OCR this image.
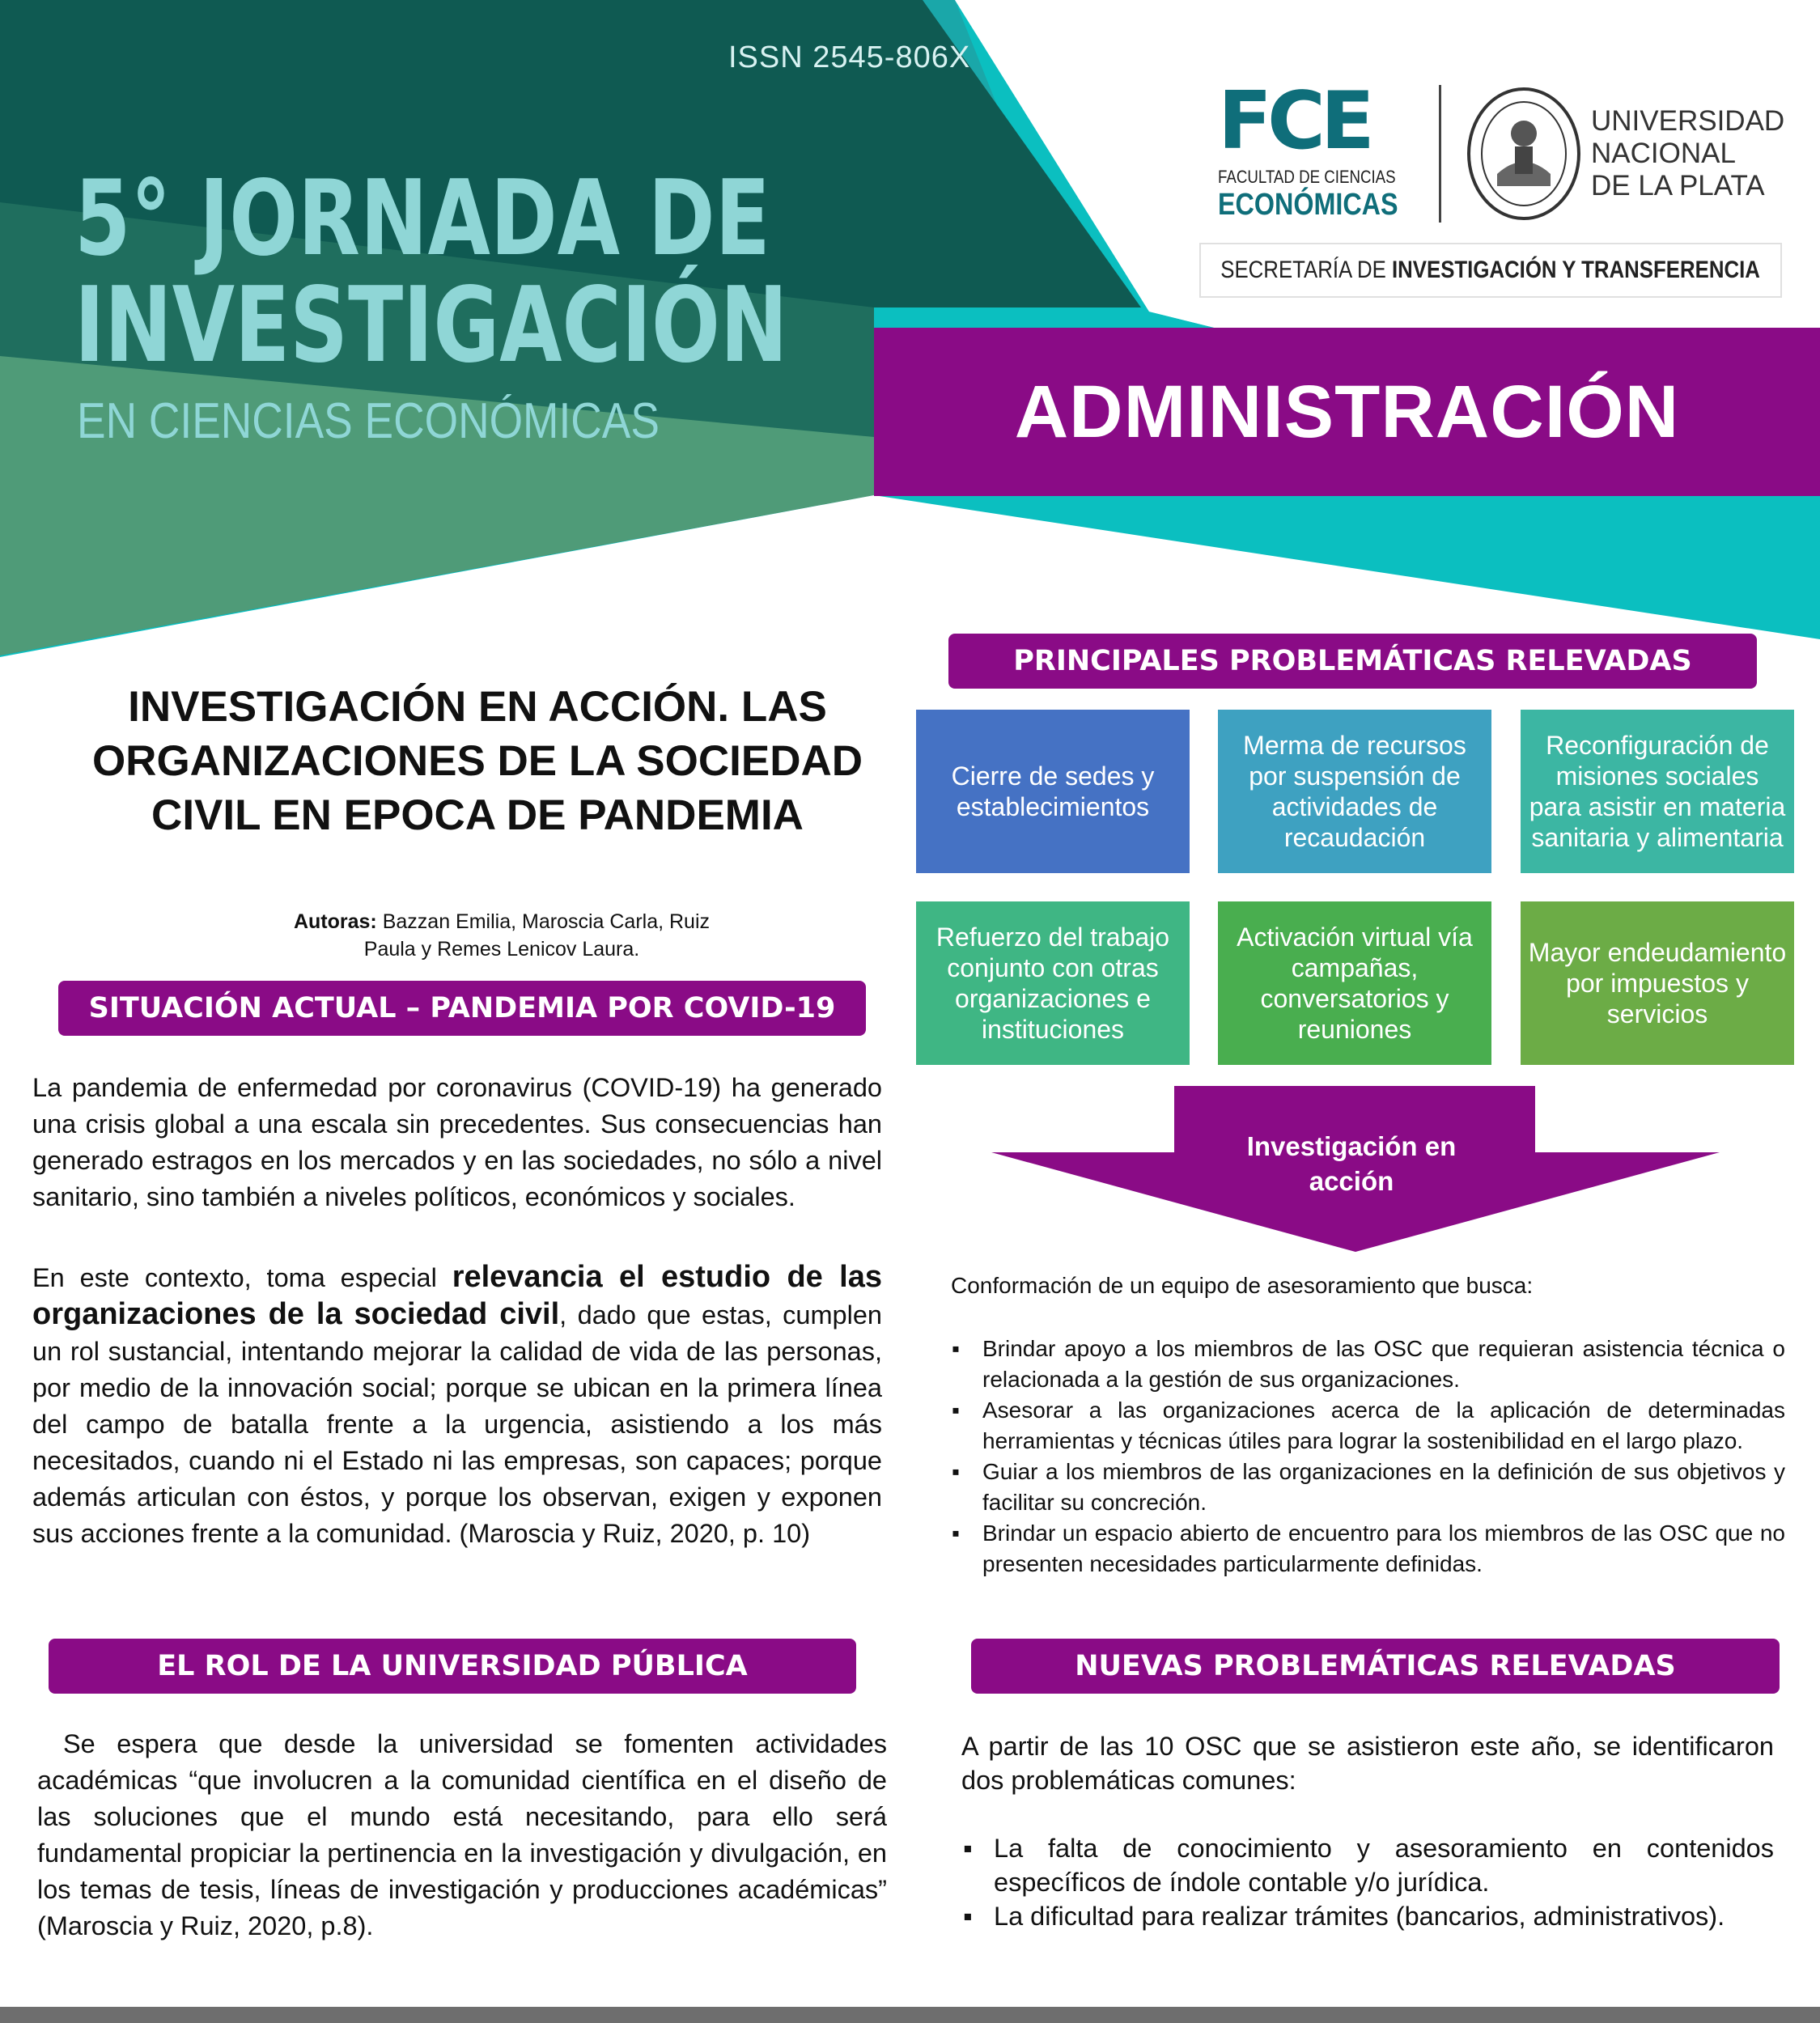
ISSN 2545-806X
5° JORNADA DE
INVESTIGACIÓN
EN CIENCIAS ECONÓMICAS
FCE
FACULTAD DE CIENCIAS
ECONÓMICAS
UNIVERSIDAD
NACIONAL
DE LA PLATA
SECRETARÍA DE INVESTIGACIÓN Y TRANSFERENCIA
ADMINISTRACIÓN
INVESTIGACIÓN EN ACCIÓN. LAS ORGANIZACIONES DE LA SOCIEDAD CIVIL EN EPOCA DE PANDEMIA
Autoras: Bazzan Emilia, Maroscia Carla, Ruiz
Paula y Remes Lenicov Laura.
SITUACIÓN ACTUAL – PANDEMIA POR COVID-19
La pandemia de enfermedad por coronavirus (COVID-19) ha generado una crisis global a una escala sin precedentes. Sus consecuencias han generado estragos en los mercados y en las sociedades, no sólo a nivel sanitario, sino también a niveles políticos, económicos y sociales.
En este contexto, toma especial relevancia el estudio de las organizaciones de la sociedad civil, dado que estas, cumplen un rol sustancial, intentando mejorar la calidad de vida de las personas, por medio de la innovación social; porque se ubican en la primera línea del campo de batalla frente a la urgencia, asistiendo a los más necesitados, cuando ni el Estado ni las empresas, son capaces; porque además articulan con éstos, y porque los observan, exigen y exponen sus acciones frente a la comunidad. (Maroscia y Ruiz, 2020, p. 10)
EL ROL DE LA UNIVERSIDAD PÚBLICA
Se espera que desde la universidad se fomenten actividades académicas “que involucren a la comunidad científica en el diseño de las soluciones que el mundo está necesitando, para ello será fundamental propiciar la pertinencia en la investigación y divulgación, en los temas de tesis, líneas de investigación y producciones académicas” (Maroscia y Ruiz, 2020, p.8).
PRINCIPALES PROBLEMÁTICAS RELEVADAS
Cierre de sedes y establecimientos
Merma de recursos por suspensión de actividades de recaudación
Reconfiguración de misiones sociales para asistir en materia sanitaria y alimentaria
Refuerzo del trabajo conjunto con otras organizaciones e instituciones
Activación virtual vía campañas, conversatorios y reuniones
Mayor endeudamiento por impuestos y servicios
Investigación en
acción
Conformación de un equipo de asesoramiento que busca:
▪ Brindar apoyo a los miembros de las OSC que requieran asistencia técnica o relacionada a la gestión de sus organizaciones.
▪ Asesorar a las organizaciones acerca de la aplicación de determinadas herramientas y técnicas útiles para lograr la sostenibilidad en el largo plazo.
▪ Guiar a los miembros de las organizaciones en la definición de sus objetivos y facilitar su concreción.
▪ Brindar un espacio abierto de encuentro para los miembros de las OSC que no presenten necesidades particularmente definidas.
NUEVAS PROBLEMÁTICAS RELEVADAS
A partir de las 10 OSC que se asistieron este año, se identificaron dos problemáticas comunes:
▪ La falta de conocimiento y asesoramiento en contenidos específicos de índole contable y/o jurídica.
▪ La dificultad para realizar trámites (bancarios, administrativos).
